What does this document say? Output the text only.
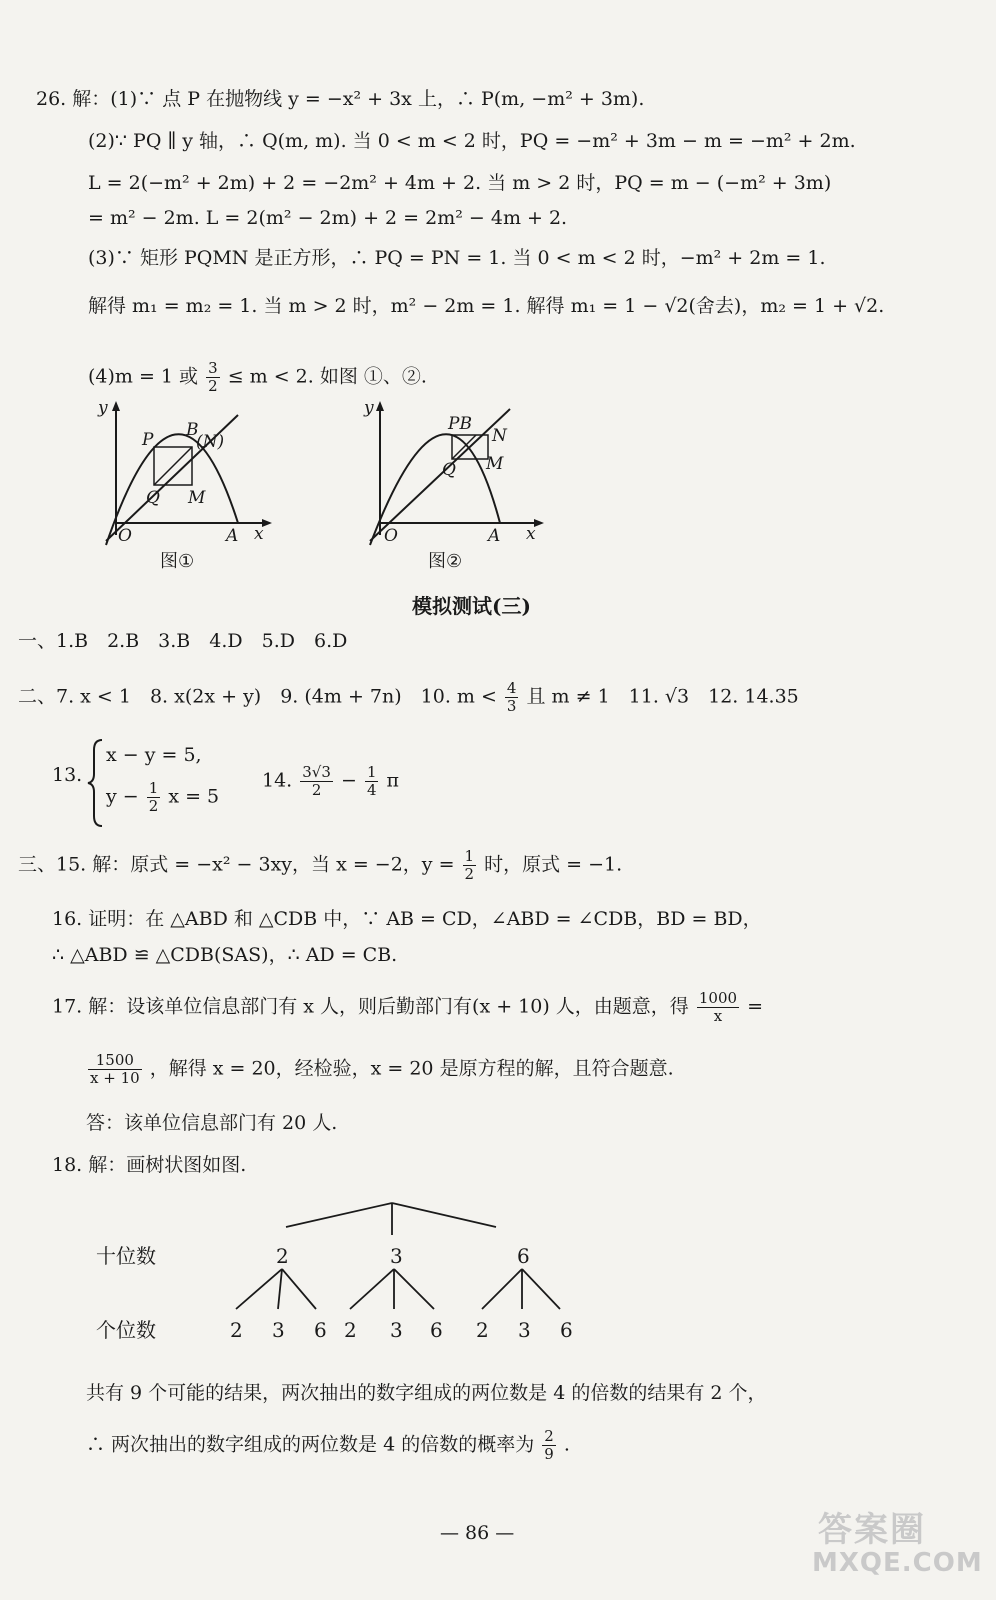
26. 解：(1)∵ 点 P 在抛物线 y = −x² + 3x 上，∴ P(m, −m² + 3m).
(2)∵ PQ ∥ y 轴，∴ Q(m, m). 当 0 < m < 2 时，PQ = −m² + 3m − m = −m² + 2m.
L = 2(−m² + 2m) + 2 = −2m² + 4m + 2. 当 m > 2 时，PQ = m − (−m² + 3m)
= m² − 2m. L = 2(m² − 2m) + 2 = 2m² − 4m + 2.
(3)∵ 矩形 PQMN 是正方形，∴ PQ = PN = 1. 当 0 < m < 2 时，−m² + 2m = 1.
解得 m₁ = m₂ = 1. 当 m > 2 时，m² − 2m = 1. 解得 m₁ = 1 − √2(舍去)，m₂ = 1 + √2.
(4)m = 1 或 $\frac{3}{2} \le m < 2$. 如图 ①、②.
y
x
O	A
P B
(N)
Q M
图①
y
x
O	A
PB
N
Q M
图②
模拟测试(三)
一、1.B　2.B　3.B　4.D　5.D　6.D
二、7. x < 1　8. x(2x + y)　9. (4m + 7n)　10. $m < \frac{4}{3}$ 且 m ≠ 1　11. √3　12. 14.35
13.
x − y = 5,
$y - \frac{1}{2}$ x = 5
14. $\frac{3√3}{2} - \frac{1}{4}$ π
三、15. 解：原式 = −x² − 3xy，当 x = −2，$y = \frac{1}{2}$ 时，原式 = −1.
16. 证明：在 △ABD 和 △CDB 中，∵ AB = CD，∠ABD = ∠CDB，BD = BD，
∴ △ABD ≌ △CDB(SAS)，∴ AD = CB.
17. 解：设该单位信息部门有 x 人，则后勤部门有(x + 10) 人，由题意，得 $\frac{1000}{x}$ =
$\frac{1500}{x + 10}$ ，解得 x = 20，经检验，x = 20 是原方程的解，且符合题意.
答：该单位信息部门有 20 人.
18. 解：画树状图如图.
十位数	2	3	6
个位数	2 3 6 2 3 6 2 3 6
共有 9 个可能的结果，两次抽出的数字组成的两位数是 4 的倍数的结果有 2 个，
∴ 两次抽出的数字组成的两位数是 4 的倍数的概率为 $\frac{2}{9}$ .
— 86 —	答案圈
MXQE.COM
